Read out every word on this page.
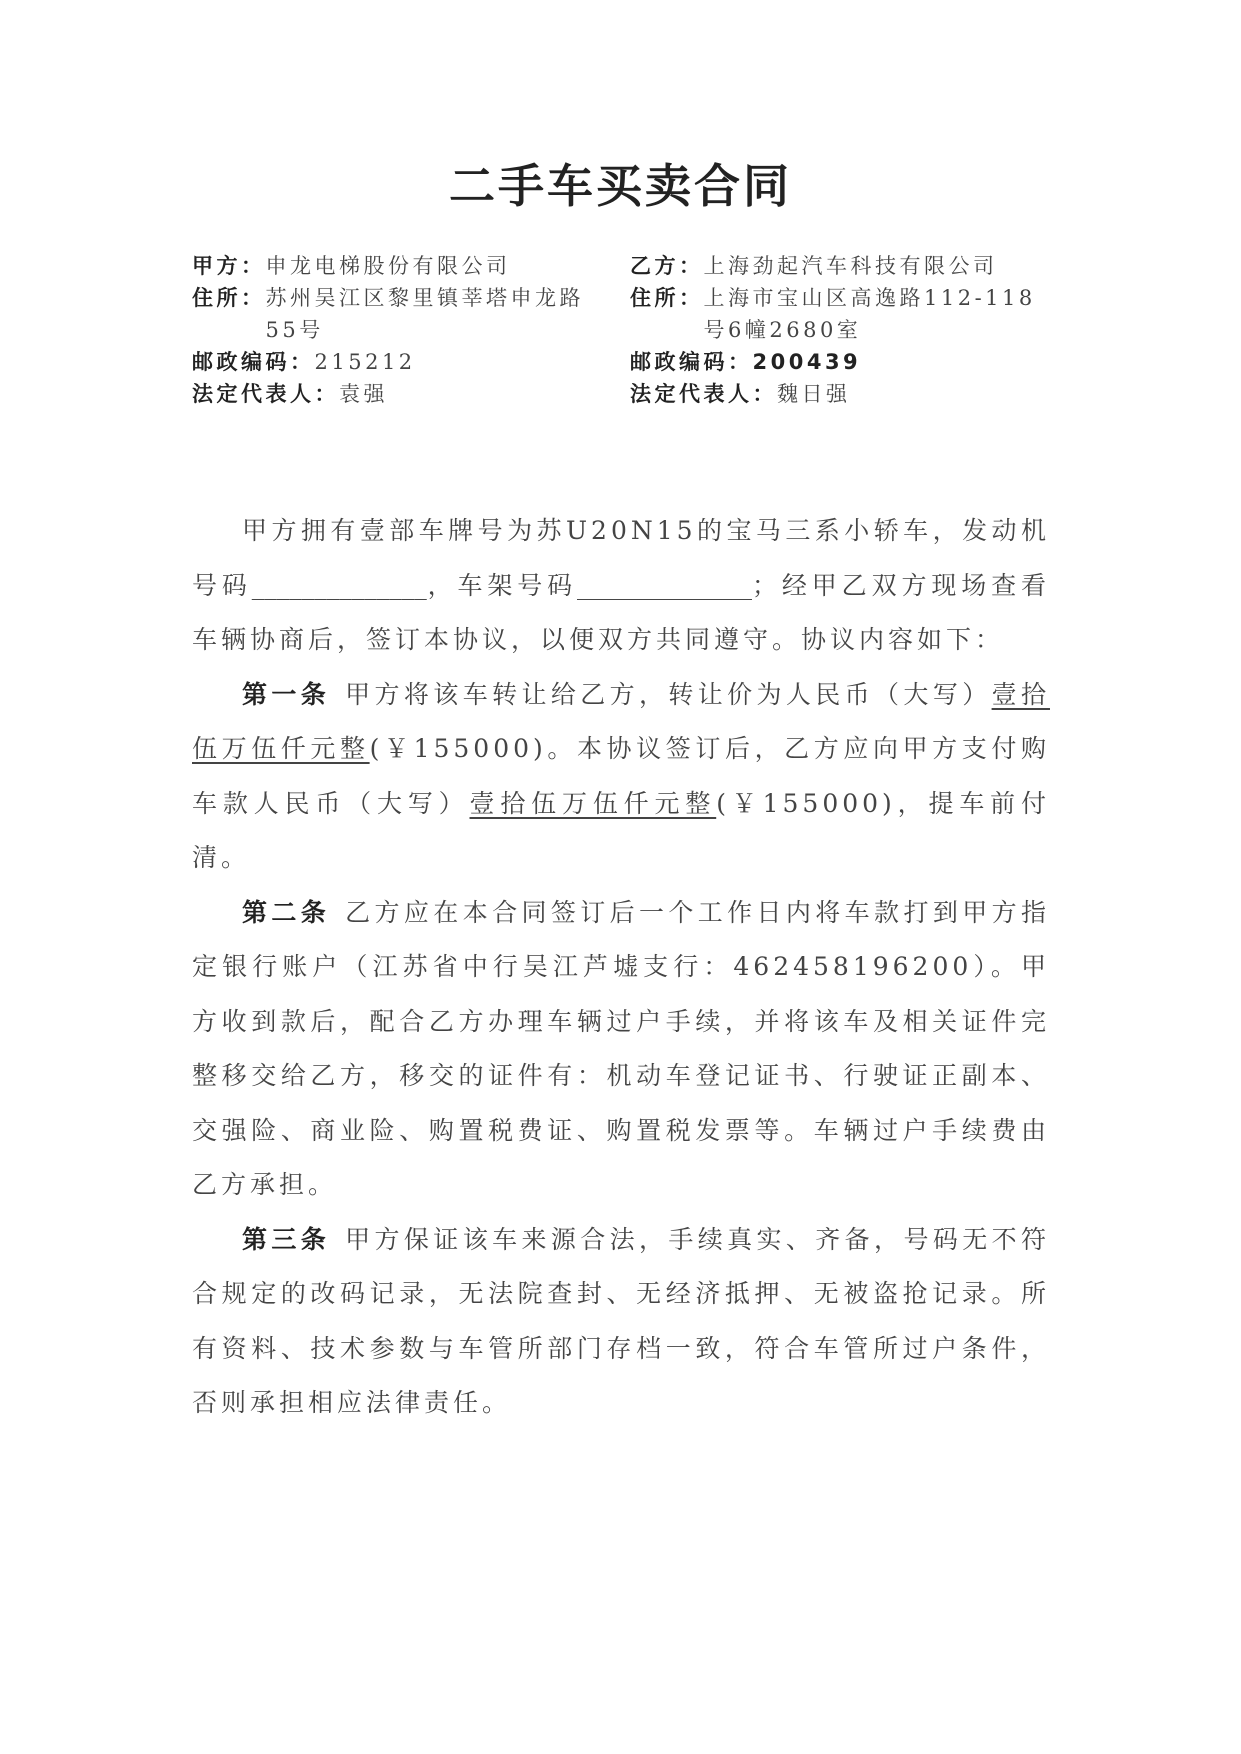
二手车买卖合同
甲方： 申龙电梯股份有限公司
住所： 苏州吴江区黎里镇莘塔申龙路55号
邮政编码： 215212
法定代表人： 袁强
乙方： 上海劲起汽车科技有限公司
住所： 上海市宝山区高逸路112-118号6幢2680室
邮政编码： 200439
法定代表人： 魏日强

甲方拥有壹部车牌号为苏U20N15的宝马三系小轿车，发动机号码______________，车架号码______________；经甲乙双方现场查看车辆协商后，签订本协议，以便双方共同遵守。协议内容如下：

第一条 甲方将该车转让给乙方，转让价为人民币（大写）壹拾伍万伍仟元整(￥155000)。本协议签订后，乙方应向甲方支付购车款人民币（大写）壹拾伍万伍仟元整(￥155000)，提车前付清。

第二条 乙方应在本合同签订后一个工作日内将车款打到甲方指定银行账户（江苏省中行吴江芦墟支行：462458196200）。甲方收到款后，配合乙方办理车辆过户手续，并将该车及相关证件完整移交给乙方，移交的证件有：机动车登记证书、行驶证正副本、交强险、商业险、购置税费证、购置税发票等。车辆过户手续费由乙方承担。

第三条 甲方保证该车来源合法，手续真实、齐备，号码无不符合规定的改码记录，无法院查封、无经济抵押、无被盗抢记录。所有资料、技术参数与车管所部门存档一致，符合车管所过户条件，否则承担相应法律责任。
